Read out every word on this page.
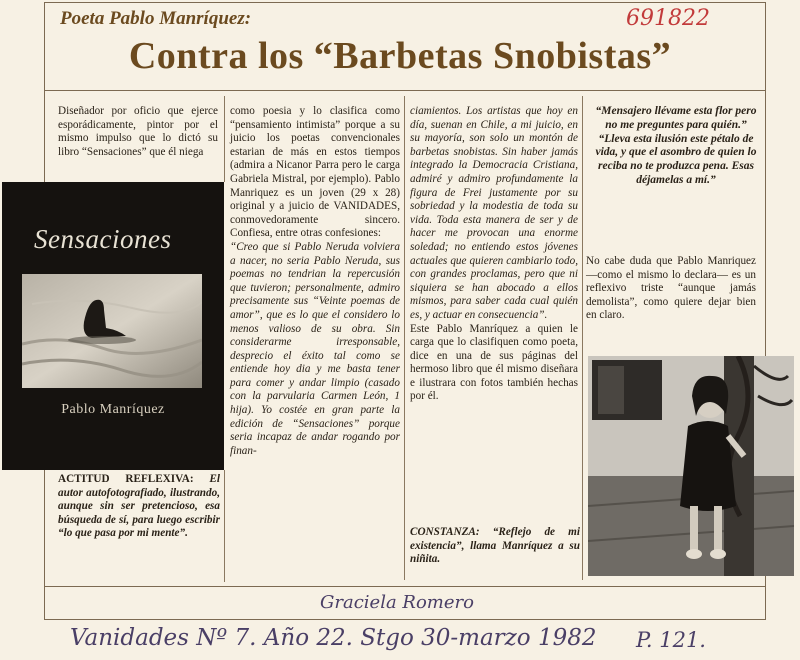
691822
Poeta Pablo Manríquez:
Contra los “Barbetas Snobistas”

Diseñador por oficio que ejerce esporádicamente, pintor por el mismo impulso que lo dictó su libro “Sensaciones” que él niega

Sensaciones
Pablo Manríquez
ACTITUD REFLEXIVA: El autor autofotografiado, ilustrando, aunque sin ser pretencioso, esa búsqueda de sí, para luego escribir “lo que pasa por mi mente”.

como poesia y lo clasifica como “pensamiento intimista” porque a su juicio los poetas convencionales estarian de más en estos tiempos (admira a Nicanor Parra pero le carga Gabriela Mistral, por ejemplo). Pablo Manriquez es un joven (29 x 28) original y a juicio de VANIDADES, conmovedoramente sincero. Confiesa, entre otras confesiones:

“Creo que si Pablo Neruda volviera a nacer, no seria Pablo Neruda, sus poemas no tendrian la repercusión que tuvieron; personalmente, admiro precisamente sus “Veinte poemas de amor”, que es lo que el considero lo menos valioso de su obra. Sin considerarme irresponsable, desprecio el éxito tal como se entiende hoy dia y me basta tener para comer y andar limpio (casado con la parvularia Carmen León, 1 hija). Yo costée en gran parte la edición de “Sensaciones” porque seria incapaz de andar rogando por finan-

ciamientos. Los artistas que hoy en día, suenan en Chile, a mi juicio, en su mayoría, son solo un montón de barbetas snobistas. Sin haber jamás integrado la Democracia Cristiana, admiré y admiro profundamente la figura de Frei justamente por su sobriedad y la modestia de toda su vida. Toda esta manera de ser y de hacer me provocan una enorme soledad; no entiendo estos jóvenes actuales que quieren cambiarlo todo, con grandes proclamas, pero que ni siquiera se han abocado a ellos mismos, para saber cada cual quién es, y actuar en consecuencia”.

Este Pablo Manríquez a quien le carga que lo clasifiquen como poeta, dice en una de sus páginas del hermoso libro que él mismo diseñara e ilustrara con fotos también hechas por él.

CONSTANZA: “Reflejo de mi existencia”, llama Manríquez a su niñita.
“Mensajero llévame esta flor pero no me preguntes para quién.” “Lleva esta ilusión este pétalo de vida, y que el asombro de quien lo reciba no te produzca pena. Esas déjamelas a mí.”

No cabe duda que Pablo Manriquez —como el mismo lo declara— es un reflexivo triste “aunque jamás demolista”, como quiere dejar bien en claro.

Graciela Romero
Vanidades Nº 7. Año 22. Stgo 30-marzo 1982 P. 121.
